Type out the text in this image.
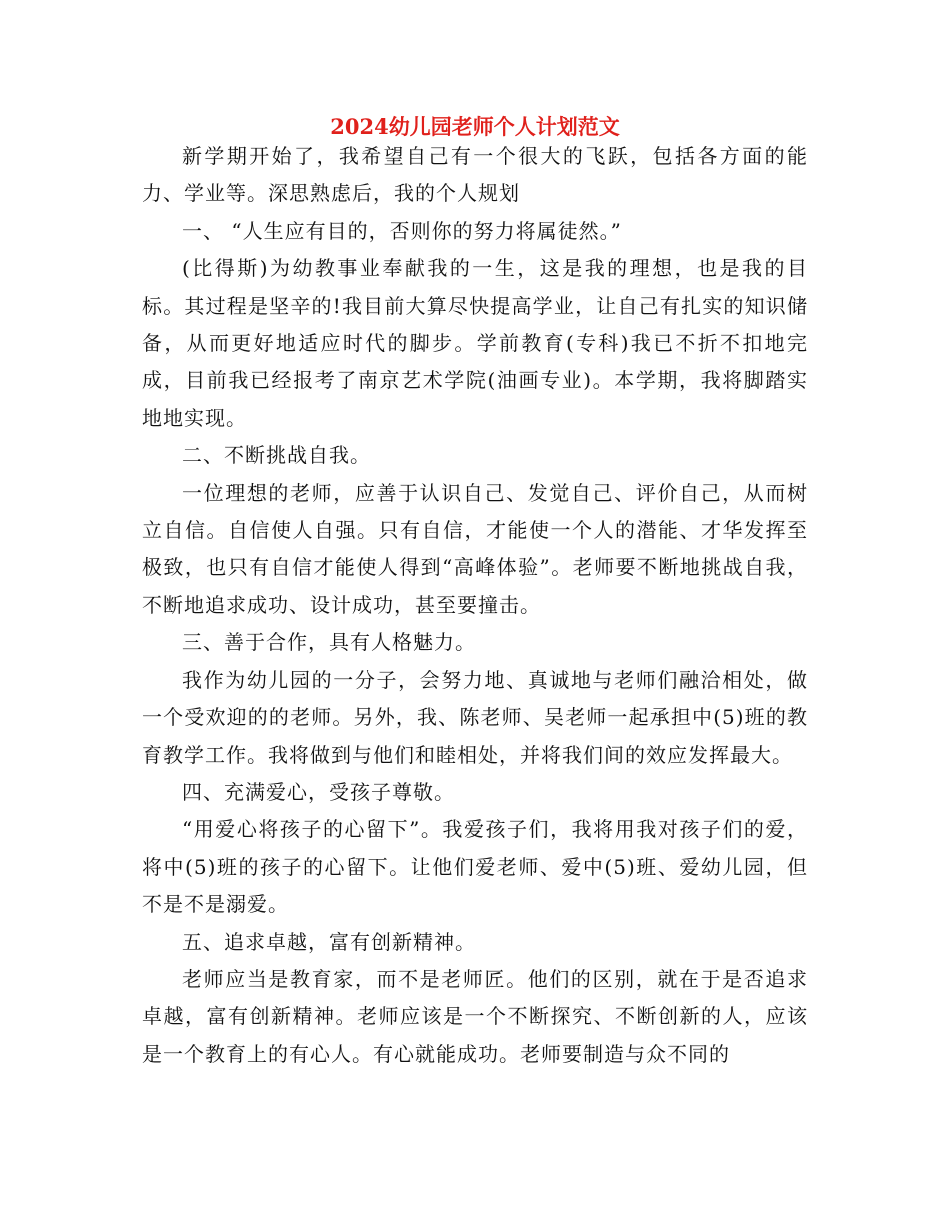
2024幼儿园老师个人计划范文

新学期开始了，我希望自己有一个很大的飞跃，包括各方面的能力、学业等。深思熟虑后，我的个人规划

一、 “人生应有目的，否则你的努力将属徒然。”

(比得斯)为幼教事业奉献我的一生，这是我的理想，也是我的目标。其过程是坚辛的!我目前大算尽快提高学业，让自己有扎实的知识储备，从而更好地适应时代的脚步。学前教育(专科)我已不折不扣地完成，目前我已经报考了南京艺术学院(油画专业)。本学期，我将脚踏实地地实现。

二、不断挑战自我。

一位理想的老师，应善于认识自己、发觉自己、评价自己，从而树立自信。自信使人自强。只有自信，才能使一个人的潜能、才华发挥至极致，也只有自信才能使人得到“高峰体验”。老师要不断地挑战自我，不断地追求成功、设计成功，甚至要撞击。

三、善于合作，具有人格魅力。

我作为幼儿园的一分子，会努力地、真诚地与老师们融洽相处，做一个受欢迎的的老师。另外，我、陈老师、吴老师一起承担中(5)班的教育教学工作。我将做到与他们和睦相处，并将我们间的效应发挥最大。

四、充满爱心，受孩子尊敬。

“用爱心将孩子的心留下”。我爱孩子们，我将用我对孩子们的爱，将中(5)班的孩子的心留下。让他们爱老师、爱中(5)班、爱幼儿园，但不是不是溺爱。

五、追求卓越，富有创新精神。

老师应当是教育家，而不是老师匠。他们的区别，就在于是否追求卓越，富有创新精神。老师应该是一个不断探究、不断创新的人，应该是一个教育上的有心人。有心就能成功。老师要制造与众不同的
